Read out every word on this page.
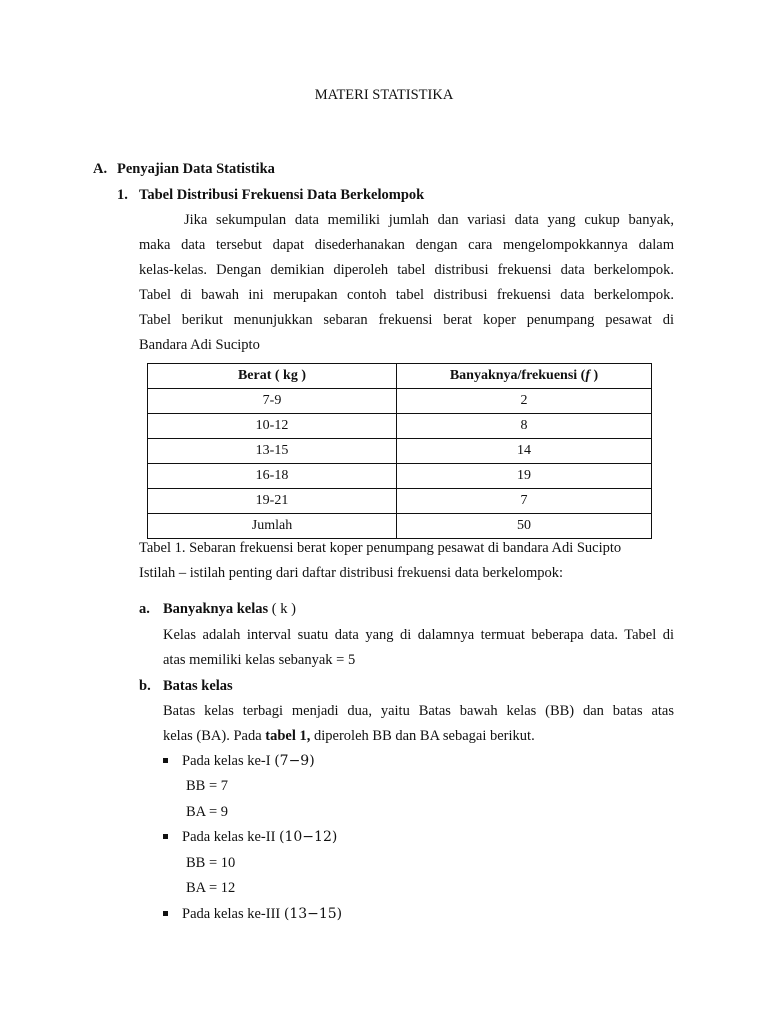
MATERI STATISTIKA
A. Penyajian Data Statistika
1. Tabel Distribusi Frekuensi Data Berkelompok
Jika sekumpulan data memiliki jumlah dan variasi data yang cukup banyak,
maka data tersebut dapat disederhanakan dengan cara mengelompokkannya dalam
kelas-kelas. Dengan demikian diperoleh tabel distribusi frekuensi data berkelompok.
Tabel di bawah ini merupakan contoh tabel distribusi frekuensi data berkelompok.
Tabel berikut menunjukkan sebaran frekuensi berat koper penumpang pesawat di
Bandara Adi Sucipto
Berat ( kg )	Banyaknya/frekuensi (f )
7-9	2
10-12	8
13-15	14
16-18	19
19-21	7
Jumlah	50
Tabel 1. Sebaran frekuensi berat koper penumpang pesawat di bandara Adi Sucipto
Istilah – istilah penting dari daftar distribusi frekuensi data berkelompok:
a. Banyaknya kelas ( k )
Kelas adalah interval suatu data yang di dalamnya termuat beberapa data. Tabel di
atas memiliki kelas sebanyak = 5
b. Batas kelas
Batas kelas terbagi menjadi dua, yaitu Batas bawah kelas (BB) dan batas atas
kelas (BA). Pada tabel 1, diperoleh BB dan BA sebagai berikut.
Pada kelas ke-I (7−9)
BB = 7
BA = 9
Pada kelas ke-II (10−12)
BB = 10
BA = 12
Pada kelas ke-III (13−15)
